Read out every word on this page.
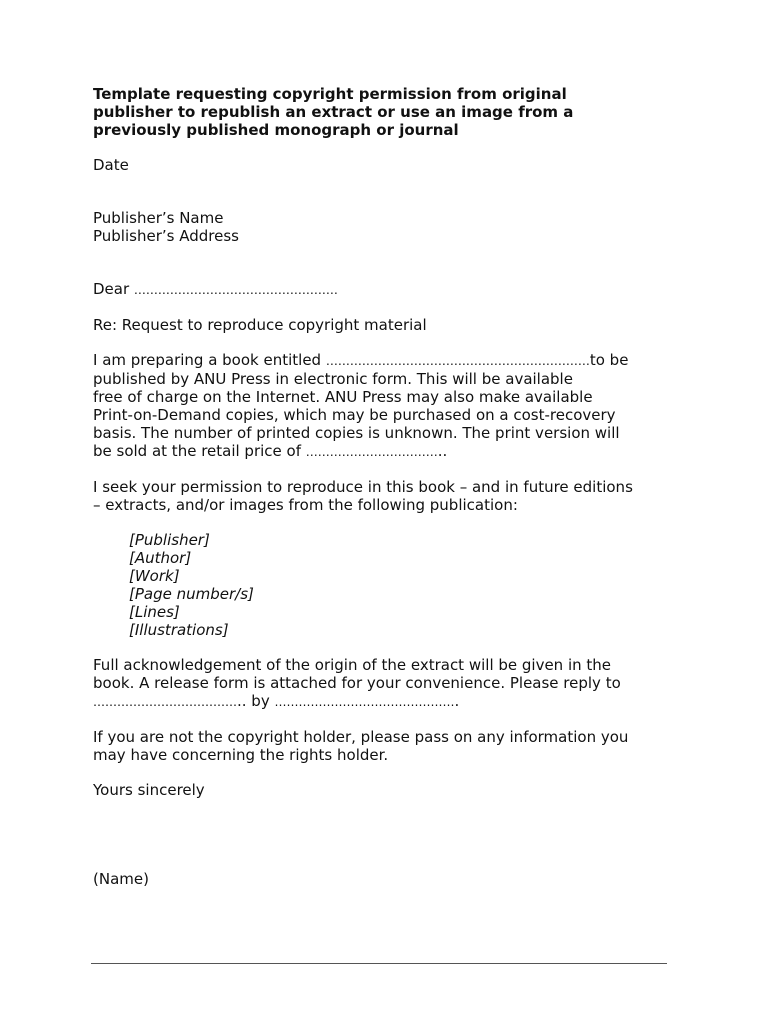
Template requesting copyright permission from original
publisher to republish an extract or use an image from a
previously published monograph or journal
Date
Publisher’s Name
Publisher’s Address
Dear ……………………………………………
Re: Request to reproduce copyright material
I am preparing a book entitled …………………………………………………………to be
published by ANU Press in electronic form. This will be available
free of charge on the Internet. ANU Press may also make available
Print-on-Demand copies, which may be purchased on a cost-recovery
basis. The number of printed copies is unknown. The print version will
be sold at the retail price of ……………………………..
I seek your permission to reproduce in this book – and in future editions
– extracts, and/or images from the following publication:
[Publisher]
[Author]
[Work]
[Page number/s]
[Lines]
[Illustrations]
Full acknowledgement of the origin of the extract will be given in the
book. A release form is attached for your convenience. Please reply to
……………………………….. by ……………………………………….
If you are not the copyright holder, please pass on any information you
may have concerning the rights holder.
Yours sincerely
(Name)
